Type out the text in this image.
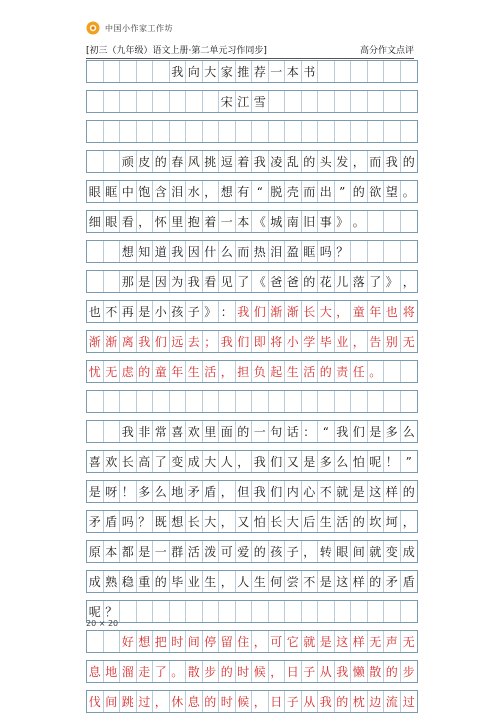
中国小作家工作坊
[初三（九年级）语文上册·第二单元习作同步]	高分作文点评
我 向 大 家 推 荐 一 本 书
宋 江 雪
顽 皮 的 春 风 挑 逗 着 我 凌 乱 的 头 发 ， 而 我 的
眼 眶 中 饱 含 泪 水 ， 想 有 “ 脱 壳 而 出 ” 的 欲 望 。
细 眼 看 ， 怀 里 抱 着 一 本 《 城 南 旧 事 》 。
想 知 道 我 因 什 么 而 热 泪 盈 眶 吗 ？
那 是 因 为 我 看 见 了 《 爸 爸 的 花 儿 落 了 》 ，
也 不 再 是 小 孩 子 》 ： 我 们 渐 渐 长 大 ， 童 年 也 将
渐 渐 离 我 们 远 去 ； 我 们 即 将 小 学 毕 业 ， 告 别 无
忧 无 虑 的 童 年 生 活 ， 担 负 起 生 活 的 责 任 。
我 非 常 喜 欢 里 面 的 一 句 话 ： “ 我 们 是 多 么
喜 欢 长 高 了 变 成 大 人 ， 我 们 又 是 多 么 怕 呢 ！ ”
是 呀 ！ 多 么 地 矛 盾 ， 但 我 们 内 心 不 就 是 这 样 的
矛 盾 吗 ？ 既 想 长 大 ， 又 怕 长 大 后 生 活 的 坎 坷 ，
原 本 都 是 一 群 活 泼 可 爱 的 孩 子 ， 转 眼 间 就 变 成
成 熟 稳 重 的 毕 业 生 ， 人 生 何 尝 不 是 这 样 的 矛 盾
呢 ？
好 想 把 时 间 停 留 住 ， 可 它 就 是 这 样 无 声 无
息 地 溜 走 了 。 散 步 的 时 候 ， 日 子 从 我 懒 散 的 步
伐 间 跳 过 ， 休 息 的 时 候 ， 日 子 从 我 的 枕 边 流 过
20 × 20
